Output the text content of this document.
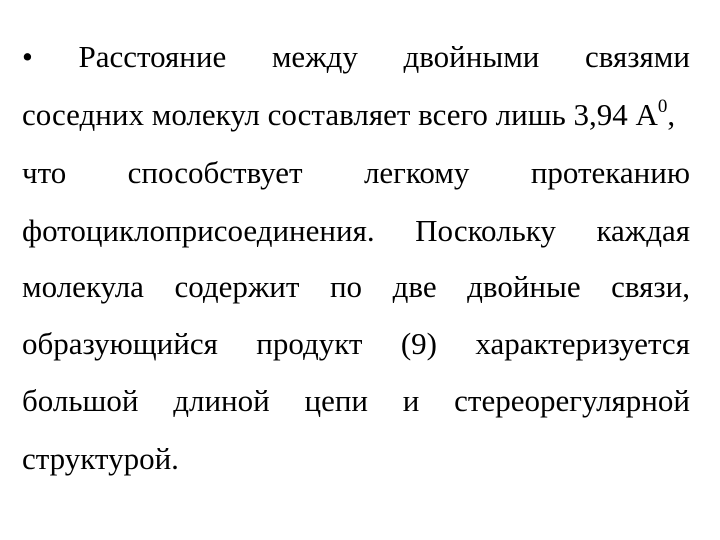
• Расстояние между двойными связями
соседних молекул составляет всего лишь 3,94 $А^0$,
что способствует легкому протеканию
фотоциклоприсоединения. Поскольку каждая
молекула содержит по две двойные связи,
образующийся продукт (9) характеризуется
большой длиной цепи и стереорегулярной
структурой.
